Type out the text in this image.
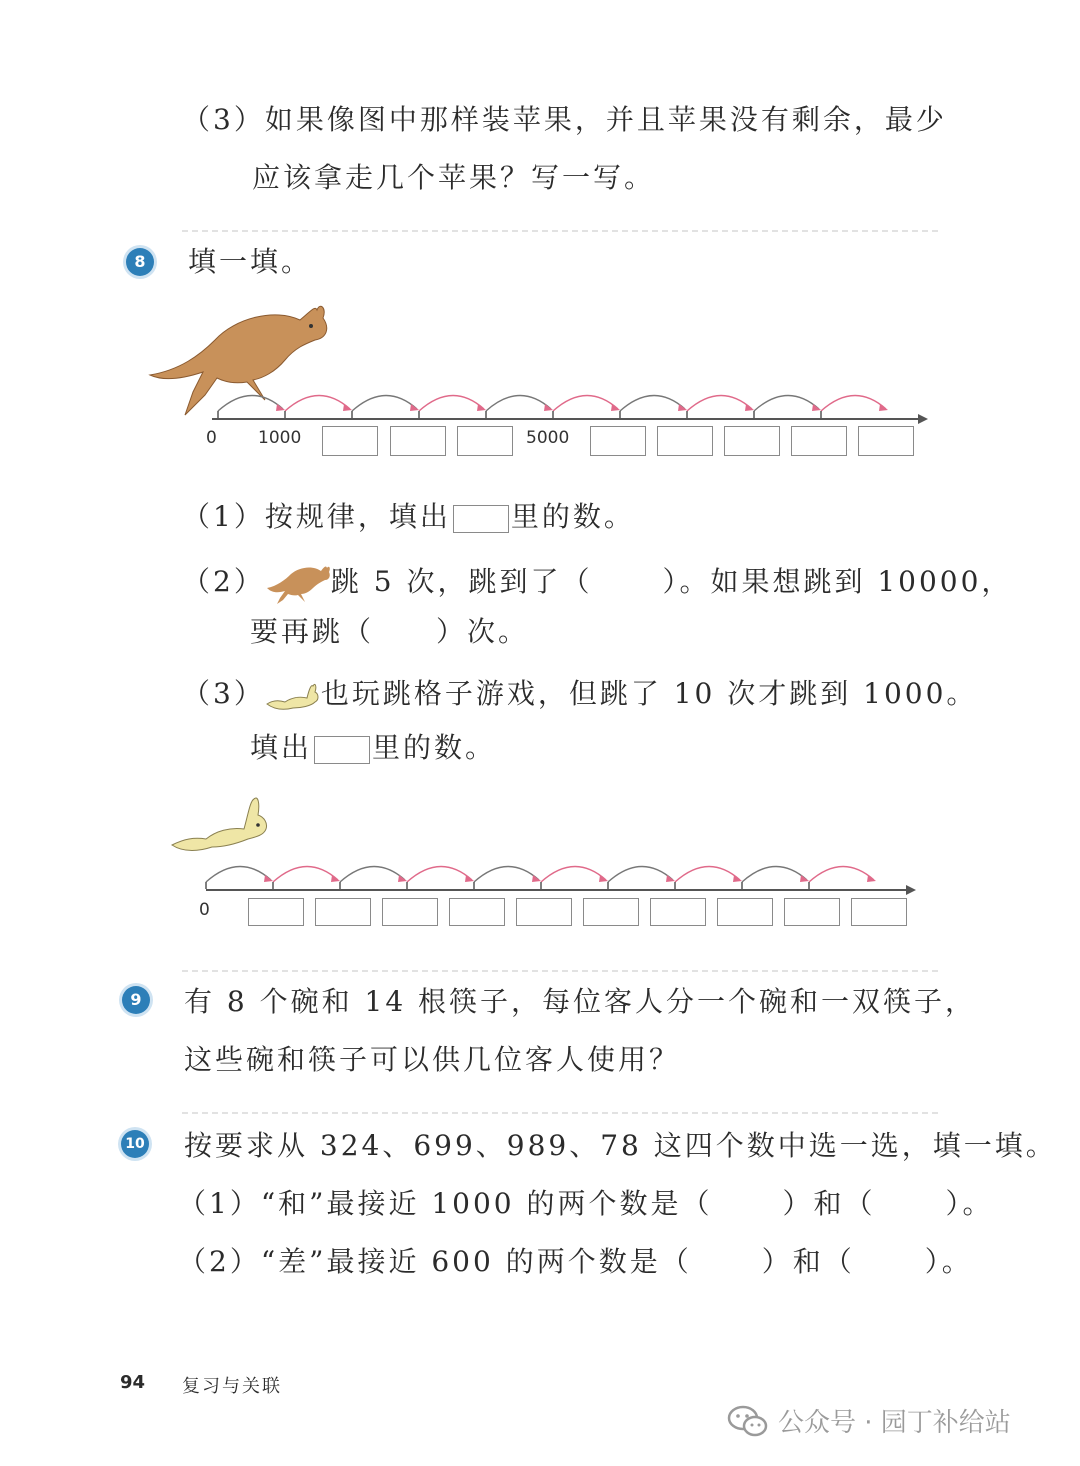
（3）如果像图中那样装苹果，并且苹果没有剩余，最少
应该拿走几个苹果？写一写。
8	填一填。
0 1000	5000
（1）按规律，填出 里的数。
（2） 跳 5 次，跳到了（	）。如果想跳到 10000，
要再跳（ ）次。
（3） 也玩跳格子游戏，但跳了 10 次才跳到 1000。
填出 里的数。
0
9	有 8 个碗和 14 根筷子，每位客人分一个碗和一双筷子，
这些碗和筷子可以供几位客人使用？
10 按要求从 324、699、989、78 这四个数中选一选，填一填。
（1）“和”最接近 1000 的两个数是（	）和（	）。
（2）“差”最接近 600 的两个数是（	）和（	）。
94 复习与关联
公众号 · 园丁补给站
